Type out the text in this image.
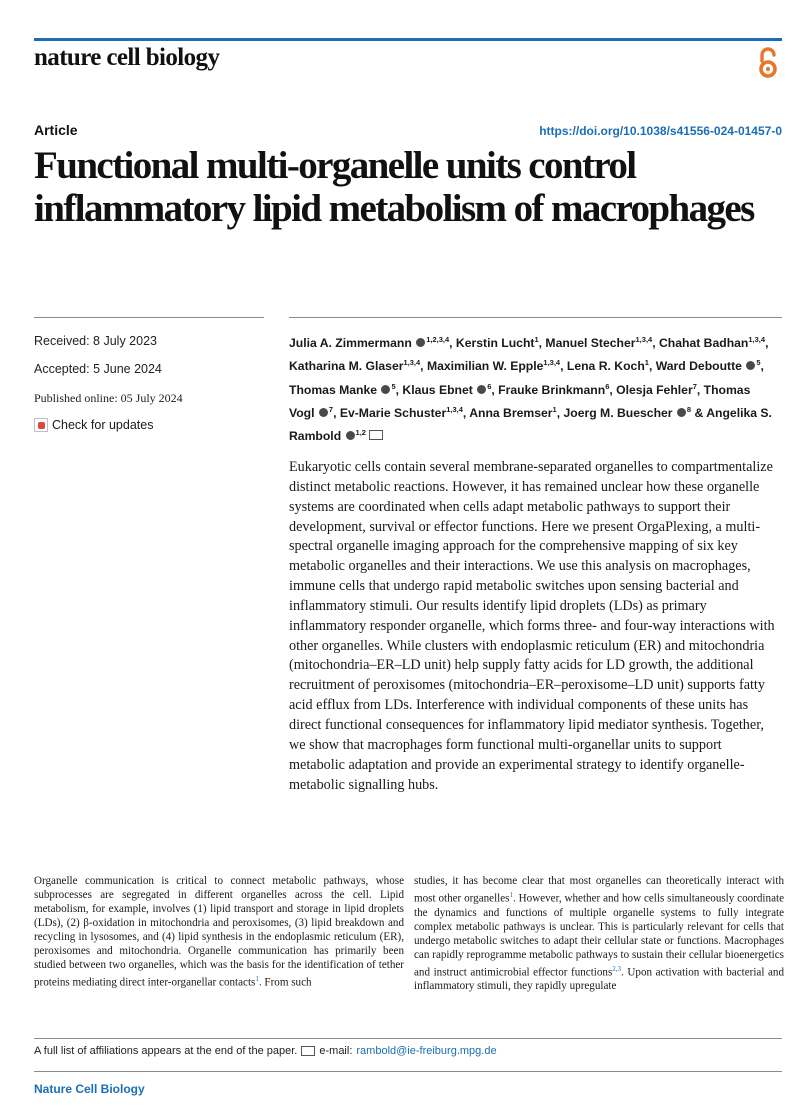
nature cell biology
Article	https://doi.org/10.1038/s41556-024-01457-0
Functional multi-organelle units control inflammatory lipid metabolism of macrophages
Received: 8 July 2023
Accepted: 5 June 2024
Published online: 05 July 2024
Check for updates
Julia A. Zimmermann $^{1,2,3,4}$, Kerstin Lucht$^1$, Manuel Stecher$^{1,3,4}$, Chahat Badhan$^{1,3,4}$, Katharina M. Glaser$^{1,3,4}$, Maximilian W. Epple$^{1,3,4}$, Lena R. Koch$^1$, Ward Deboutte $^5$, Thomas Manke $^5$, Klaus Ebnet $^6$, Frauke Brinkmann$^6$, Olesja Fehler$^7$, Thomas Vogl $^7$, Ev-Marie Schuster$^{1,3,4}$, Anna Bremser$^1$, Joerg M. Buescher $^8$ & Angelika S. Rambold $^{1,2}$
Eukaryotic cells contain several membrane-separated organelles to compartmentalize distinct metabolic reactions. However, it has remained unclear how these organelle systems are coordinated when cells adapt metabolic pathways to support their development, survival or effector functions. Here we present OrgaPlexing, a multi-spectral organelle imaging approach for the comprehensive mapping of six key metabolic organelles and their interactions. We use this analysis on macrophages, immune cells that undergo rapid metabolic switches upon sensing bacterial and inflammatory stimuli. Our results identify lipid droplets (LDs) as primary inflammatory responder organelle, which forms three- and four-way interactions with other organelles. While clusters with endoplasmic reticulum (ER) and mitochondria (mitochondria–ER–LD unit) help supply fatty acids for LD growth, the additional recruitment of peroxisomes (mitochondria–ER–peroxisome–LD unit) supports fatty acid efflux from LDs. Interference with individual components of these units has direct functional consequences for inflammatory lipid mediator synthesis. Together, we show that macrophages form functional multi-organellar units to support metabolic adaptation and provide an experimental strategy to identify organelle-metabolic signalling hubs.
Organelle communication is critical to connect metabolic pathways, whose subprocesses are segregated in different organelles across the cell. Lipid metabolism, for example, involves (1) lipid transport and storage in lipid droplets (LDs), (2) β-oxidation in mitochondria and peroxisomes, (3) lipid breakdown and recycling in lysosomes, and (4) lipid synthesis in the endoplasmic reticulum (ER), peroxisomes and mitochondria. Organelle communication has primarily been studied between two organelles, which was the basis for the identification of tether proteins mediating direct inter-organellar contacts$^1$. From such
studies, it has become clear that most organelles can theoretically interact with most other organelles$^1$. However, whether and how cells simultaneously coordinate the dynamics and functions of multiple organelle systems to fully integrate complex metabolic pathways is unclear. This is particularly relevant for cells that undergo metabolic switches to adapt their cellular state or functions. Macrophages can rapidly reprogramme metabolic pathways to sustain their cellular bioenergetics and instruct antimicrobial effector functions$^{2,3}$. Upon activation with bacterial and inflammatory stimuli, they rapidly upregulate
A full list of affiliations appears at the end of the paper. e-mail: rambold@ie-freiburg.mpg.de
Nature Cell Biology
